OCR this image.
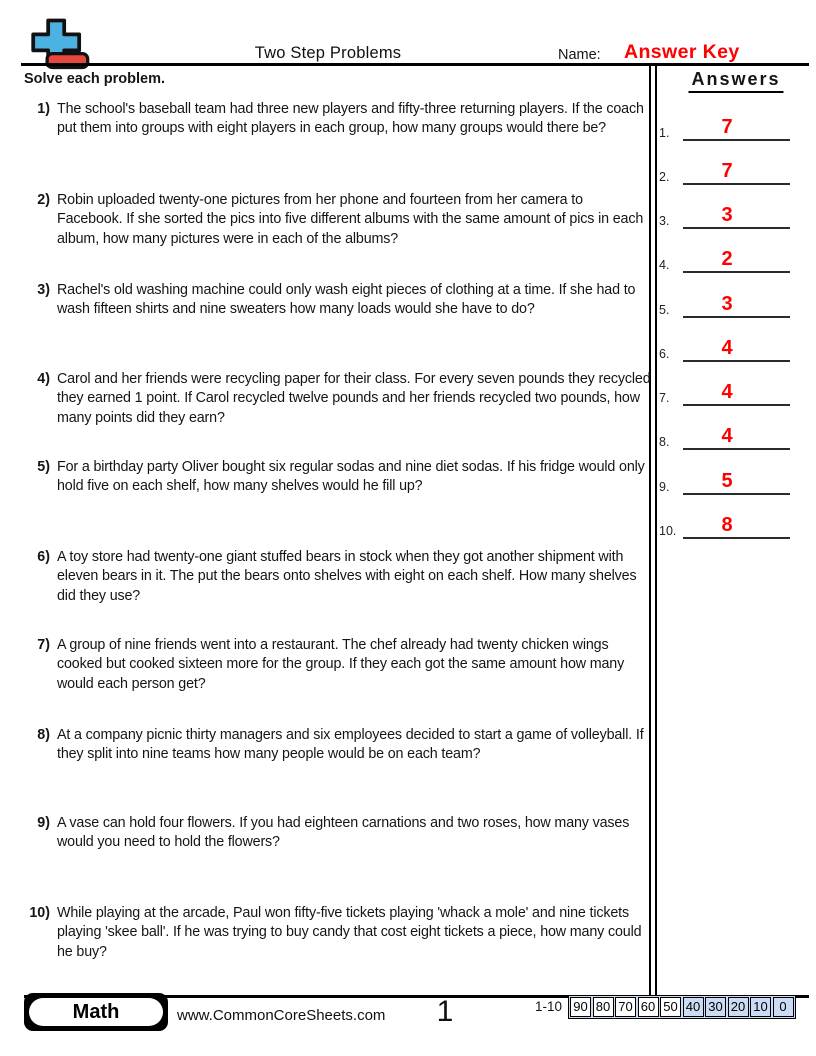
Two Step Problems	Name: Answer Key
Solve each problem.
1) The school's baseball team had three new players and fifty-three returning players. If the coach put them into groups with eight players in each group, how many groups would there be?
2) Robin uploaded twenty-one pictures from her phone and fourteen from her camera to Facebook. If she sorted the pics into five different albums with the same amount of pics in each album, how many pictures were in each of the albums?
3) Rachel's old washing machine could only wash eight pieces of clothing at a time. If she had to wash fifteen shirts and nine sweaters how many loads would she have to do?
4) Carol and her friends were recycling paper for their class. For every seven pounds they recycled they earned 1 point. If Carol recycled twelve pounds and her friends recycled two pounds, how many points did they earn?
5) For a birthday party Oliver bought six regular sodas and nine diet sodas. If his fridge would only hold five on each shelf, how many shelves would he fill up?
6) A toy store had twenty-one giant stuffed bears in stock when they got another shipment with eleven bears in it. The put the bears onto shelves with eight on each shelf. How many shelves did they use?
7) A group of nine friends went into a restaurant. The chef already had twenty chicken wings cooked but cooked sixteen more for the group. If they each got the same amount how many would each person get?
8) At a company picnic thirty managers and six employees decided to start a game of volleyball. If they split into nine teams how many people would be on each team?
9) A vase can hold four flowers. If you had eighteen carnations and two roses, how many vases would you need to hold the flowers?
10) While playing at the arcade, Paul won fifty-five tickets playing 'whack a mole' and nine tickets playing 'skee ball'. If he was trying to buy candy that cost eight tickets a piece, how many could he buy?
Answers
1.	7
2.	7
3.	3
4.	2
5.	3
6.	4
7.	4
8.	4
9.	5
10.	8
Math	www.CommonCoreSheets.com 1	1-10 90 80 70 60 50 40 30 20 10 0
